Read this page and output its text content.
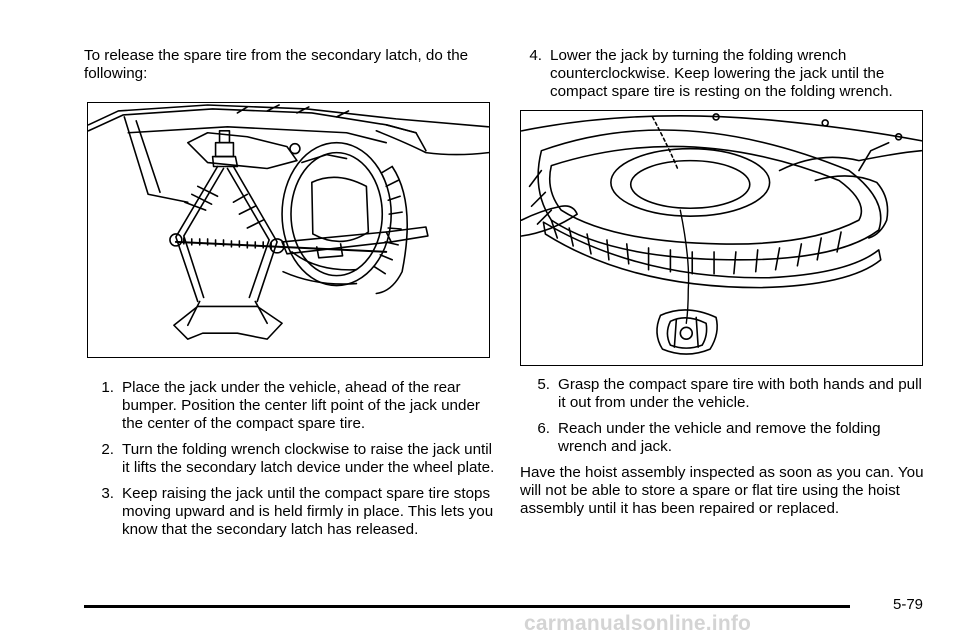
To release the spare tire from the secondary latch, do the following:

1. Place the jack under the vehicle, ahead of the rear bumper. Position the center lift point of the jack under the center of the compact spare tire.
2. Turn the folding wrench clockwise to raise the jack until it lifts the secondary latch device under the wheel plate.
3. Keep raising the jack until the compact spare tire stops moving upward and is held firmly in place. This lets you know that the secondary latch has released.
4. Lower the jack by turning the folding wrench counterclockwise. Keep lowering the jack until the compact spare tire is resting on the folding wrench.
5. Grasp the compact spare tire with both hands and pull it out from under the vehicle.
6. Reach under the vehicle and remove the folding wrench and jack.

Have the hoist assembly inspected as soon as you can. You will not be able to store a spare or flat tire using the hoist assembly until it has been repaired or replaced.

5-79
carmanualsonline.info
